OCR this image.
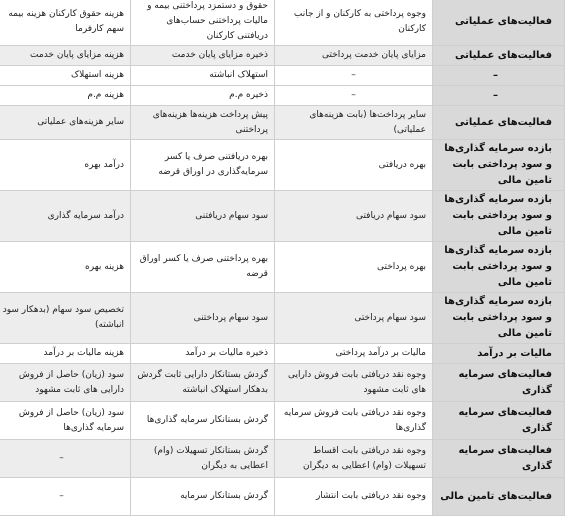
فعالیت‌های عملیاتی	وجوه پرداختی به کارکنان و از جانب کارکنان	حقوق و دستمزد پرداختنی بیمه و مالیات پرداختنی حساب‌های دریافتنی کارکنان	هزینه حقوق کارکنان هزینه بیمه سهم کارفرما
فعالیت‌های عملیاتی	مزایای پایان خدمت پرداختی	ذخیره مزایای پایان خدمت	هزینه مزایای پایان خدمت
–	–	استهلاک انباشته	هزینه استهلاک
–	–	ذخیره م.م	هزینه م.م
فعالیت‌های عملیاتی	سایر پرداخت‌ها (بابت هزینه‌های عملیاتی)	پیش پرداخت هزینه‌ها هزینه‌های پرداختنی	سایر هزینه‌های عملیاتی
بازده سرمایه گذاری‌ها و سود پرداختی بابت تامین مالی	بهره دریافتی	بهره دریافتنی صرف یا کسر سرمایه‌گذاری در اوراق قرضه	درآمد بهره
بازده سرمایه گذاری‌ها و سود پرداختی بابت تامین مالی	سود سهام دریافتی	سود سهام دریافتنی	درآمد سرمایه گذاری
بازده سرمایه گذاری‌ها و سود پرداختی بابت تامین مالی	بهره پرداختی	بهره پرداختنی صرف یا کسر اوراق قرضه	هزینه بهره
بازده سرمایه گذاری‌ها و سود پرداختی بابت تامین مالی	سود سهام پرداختی	سود سهام پرداختنی	تخصیص سود سهام (بدهکار سود انباشته)
مالیات بر درآمد	مالیات بر درآمد پرداختی	ذخیره مالیات بر درآمد	هزینه مالیات بر درآمد
فعالیت‌های سرمایه گذاری	وجوه نقد دریافتی بابت فروش دارایی های ثابت مشهود	گردش بستانکار دارایی ثابت گردش بدهکار استهلاک انباشته	سود (زیان) حاصل از فروش دارایی های ثابت مشهود
فعالیت‌های سرمایه گذاری	وجوه نقد دریافتی بابت فروش سرمایه گذاری‌ها	گردش بستانکار سرمایه گذاری‌ها	سود (زیان) حاصل از فروش سرمایه گذاری‌ها
فعالیت‌های سرمایه گذاری	وجوه نقد دریافتی بابت اقساط تسهیلات (وام) اعطایی به دیگران	گردش بستانکار تسهیلات (وام) اعطایی به دیگران	–
فعالیت‌های تامین مالی	وجوه نقد دریافتی بابت انتشار	گردش بستانکار سرمایه	–
